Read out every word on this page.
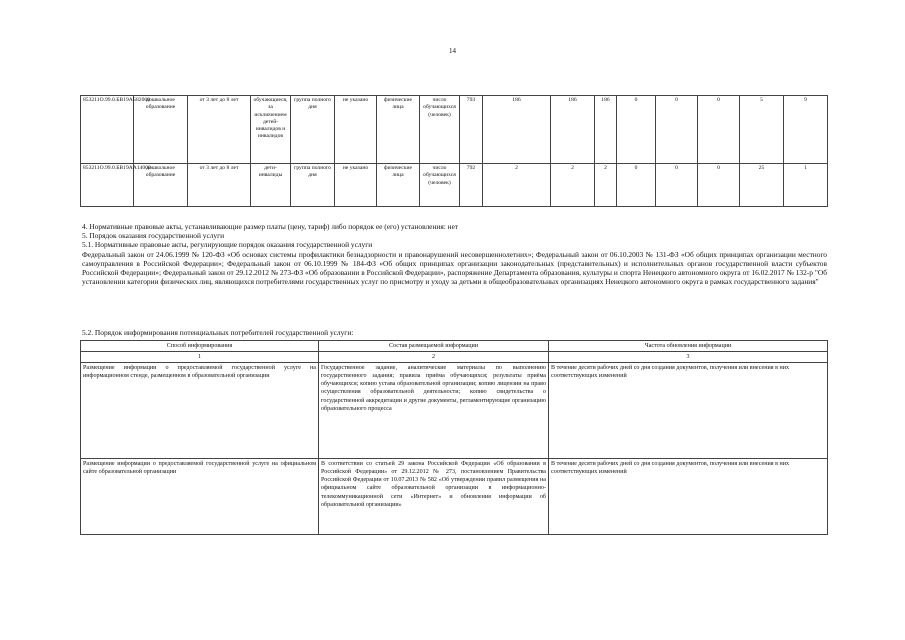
14
853211О.99.0.БВ19АБ82000	дошкольное образование	от 3 лет до 8 лет	обучающиеся, за исключением детей-инвалидов и инвалидов	группа полного дня	не указано	физические лица	число обучающихся (человек)	793	186	186	186	0	0	0	5	9
853211О.99.0.БВ19АА14000	дошкольное образование	от 3 лет до 8 лет	дети-инвалиды	группа полного дня	не указано	физические лица	число обучающихся (человек)	792	2	2	2	0	0	0	25	1

4. Нормативные правовые акты, устанавливающие размер платы (цену, тариф) либо порядок ее (его) установления: нет

5. Порядок оказания государственной услуги

5.1. Нормативные правовые акты, регулирующие порядок оказания государственной услуги

Федеральный закон от 24.06.1999 № 120-ФЗ «Об основах системы профилактики безнадзорности и правонарушений несовершеннолетних»; Федеральный закон от 06.10.2003 № 131-ФЗ «Об общих принципах организации местного самоуправления в Российской Федерации»; Федеральный закон от 06.10.1999 № 184-ФЗ «Об общих принципах организации законодательных (представительных) и исполнительных органов государственной власти субъектов Российской Федерации»; Федеральный закон от 29.12.2012 № 273-ФЗ «Об образовании в Российской Федерации», распоряжение Департамента образования, культуры и спорта Ненецкого автономного округа от 16.02.2017 № 132-р "Об установлении категории физических лиц, являющихся потребителями государственных услуг по присмотру и уходу за детьми в общеобразовательных организациях Ненецкого автономного округа в рамках государственного задания"

5.2. Порядок информирования потенциальных потребителей государственной услуги:
Способ информирования	Состав размещаемой информации	Частота обновления информации
1	2	3
Размещение информации о предоставляемой государственной услуге на информационном стенде, размещенном в образовательной организации	Государственное задание, аналитические материалы по выполнению государственного задания; правила приёма обучающихся; результаты приёма обучающихся; копию устава образовательной организации; копию лицензии на право осуществления образовательной деятельности; копию свидетельства о государственной аккредитации и другие документы, регламентирующие организацию образовательного процесса	В течение десяти рабочих дней со дня создания документов, получения или внесения в них соответствующих изменений
Размещение информации о предоставляемой государственной услуге на официальном сайте образовательной организации	В соответствии со статьей 29 закона Российской Федерации «Об образовании в Российской Федерации» от 29.12.2012 № 273, постановлением Правительства Российской Федерации от 10.07.2013 № 582 «Об утверждении правил размещения на официальном сайте образовательной организации в информационно-телекоммуникационной сети «Интернет» и обновления информации об образовательной организации»	В течение десяти рабочих дней со дня создания документов, получения или внесения в них соответствующих изменений
